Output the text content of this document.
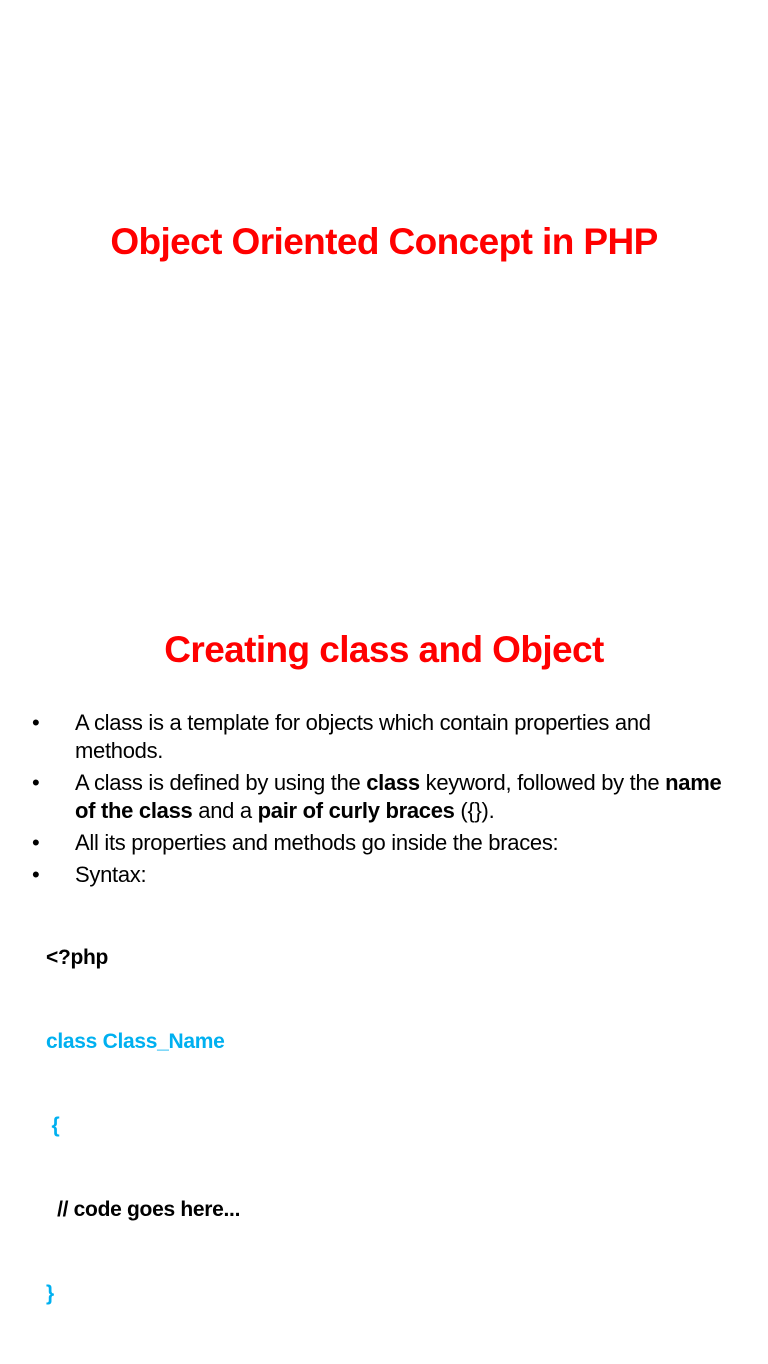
Object Oriented Concept in PHP
Creating class and Object
• A class is a template for objects which contain properties and methods.
• A class is defined by using the class keyword, followed by the name of the class and a pair of curly braces ({}).
• All its properties and methods go inside the braces:
• Syntax:

<?php

class Class_Name

{

// code goes here...

}
